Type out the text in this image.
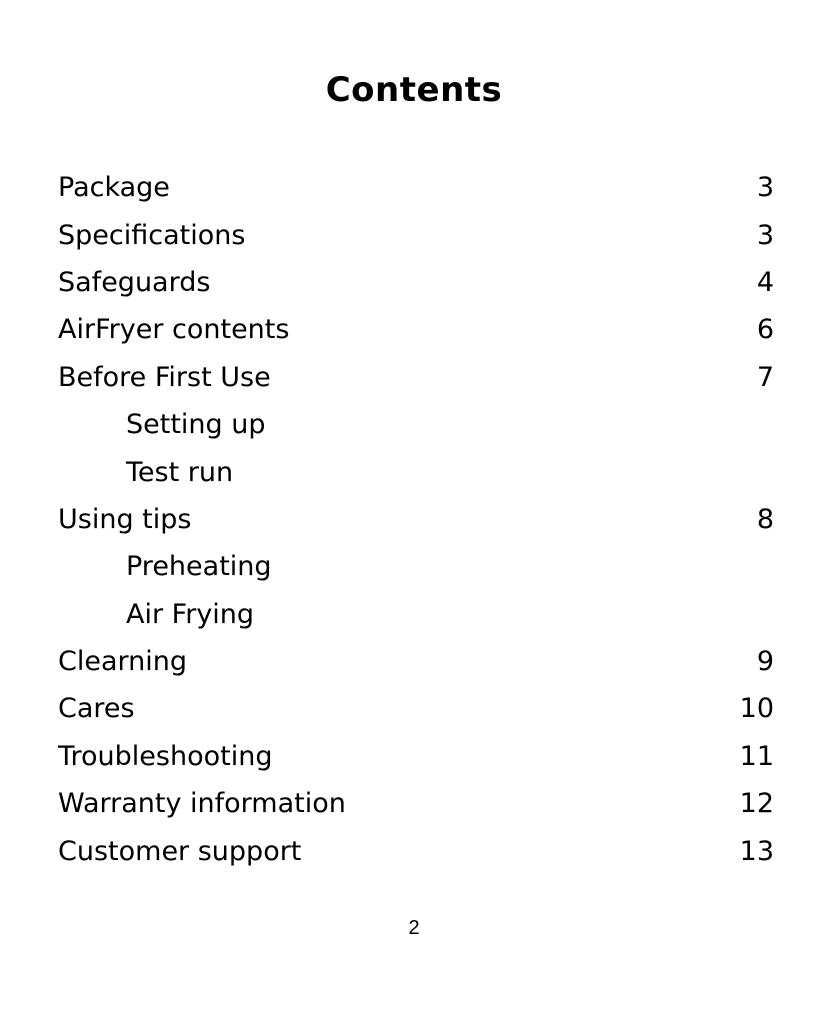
Contents
Package	3
Specifications	3
Safeguards	4
AirFryer contents	6
Before First Use	7
Setting up
Test run
Using tips	8
Preheating
Air Frying
Clearning	9
Cares	10
Troubleshooting	11
Warranty information	12
Customer support	13
2
